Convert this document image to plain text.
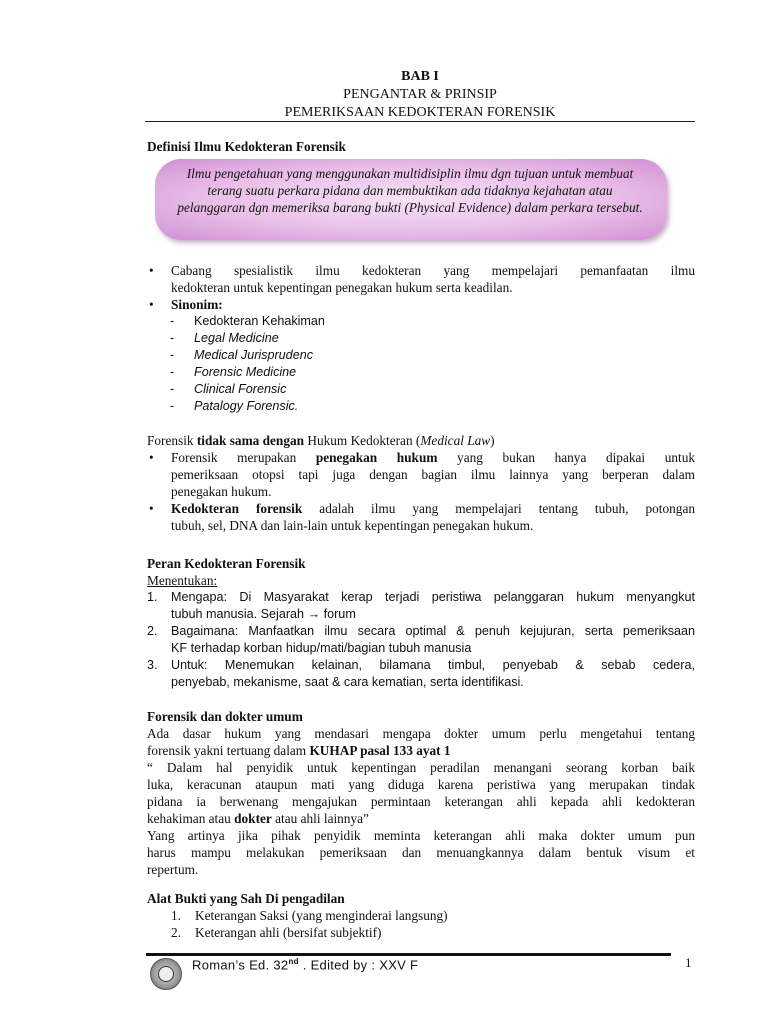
BAB I
PENGANTAR & PRINSIP
PEMERIKSAAN KEDOKTERAN FORENSIK
Definisi Ilmu Kedokteran Forensik
Ilmu pengetahuan yang menggunakan multidisiplin ilmu dgn tujuan untuk membuat terang suatu perkara pidana dan membuktikan ada tidaknya kejahatan atau pelanggaran dgn memeriksa barang bukti (Physical Evidence) dalam perkara tersebut.
• Cabang spesialistik ilmu kedokteran yang mempelajari pemanfaatan ilmu
kedokteran untuk kepentingan penegakan hukum serta keadilan.
• Sinonim:
- Kedokteran Kehakiman
- Legal Medicine
- Medical Jurisprudenc
- Forensic Medicine
- Clinical Forensic
- Patalogy Forensic.
Forensik tidak sama dengan Hukum Kedokteran (Medical Law)
• Forensik merupakan penegakan hukum yang bukan hanya dipakai untuk
pemeriksaan otopsi tapi juga dengan bagian ilmu lainnya yang berperan dalam
penegakan hukum.
• Kedokteran forensik adalah ilmu yang mempelajari tentang tubuh, potongan
tubuh, sel, DNA dan lain-lain untuk kepentingan penegakan hukum.
Peran Kedokteran Forensik
Menentukan:
1. Mengapa: Di Masyarakat kerap terjadi peristiwa pelanggaran hukum menyangkut
tubuh manusia. Sejarah → forum
2. Bagaimana: Manfaatkan ilmu secara optimal & penuh kejujuran, serta pemeriksaan
KF terhadap korban hidup/mati/bagian tubuh manusia
3. Untuk: Menemukan kelainan, bilamana timbul, penyebab & sebab cedera,
penyebab, mekanisme, saat & cara kematian, serta identifikasi.
Forensik dan dokter umum
Ada dasar hukum yang mendasari mengapa dokter umum perlu mengetahui tentang
forensik yakni tertuang dalam KUHAP pasal 133 ayat 1
“ Dalam hal penyidik untuk kepentingan peradilan menangani seorang korban baik
luka, keracunan ataupun mati yang diduga karena peristiwa yang merupakan tindak
pidana ia berwenang mengajukan permintaan keterangan ahli kepada ahli kedokteran
kehakiman atau dokter atau ahli lainnya”
Yang artinya jika pihak penyidik meminta keterangan ahli maka dokter umum pun
harus mampu melakukan pemeriksaan dan menuangkannya dalam bentuk visum et
repertum.
Alat Bukti yang Sah Di pengadilan
1. Keterangan Saksi (yang menginderai langsung)
2. Keterangan ahli (bersifat subjektif)
Roman’s Ed. 32nd . Edited by : XXV F	1
